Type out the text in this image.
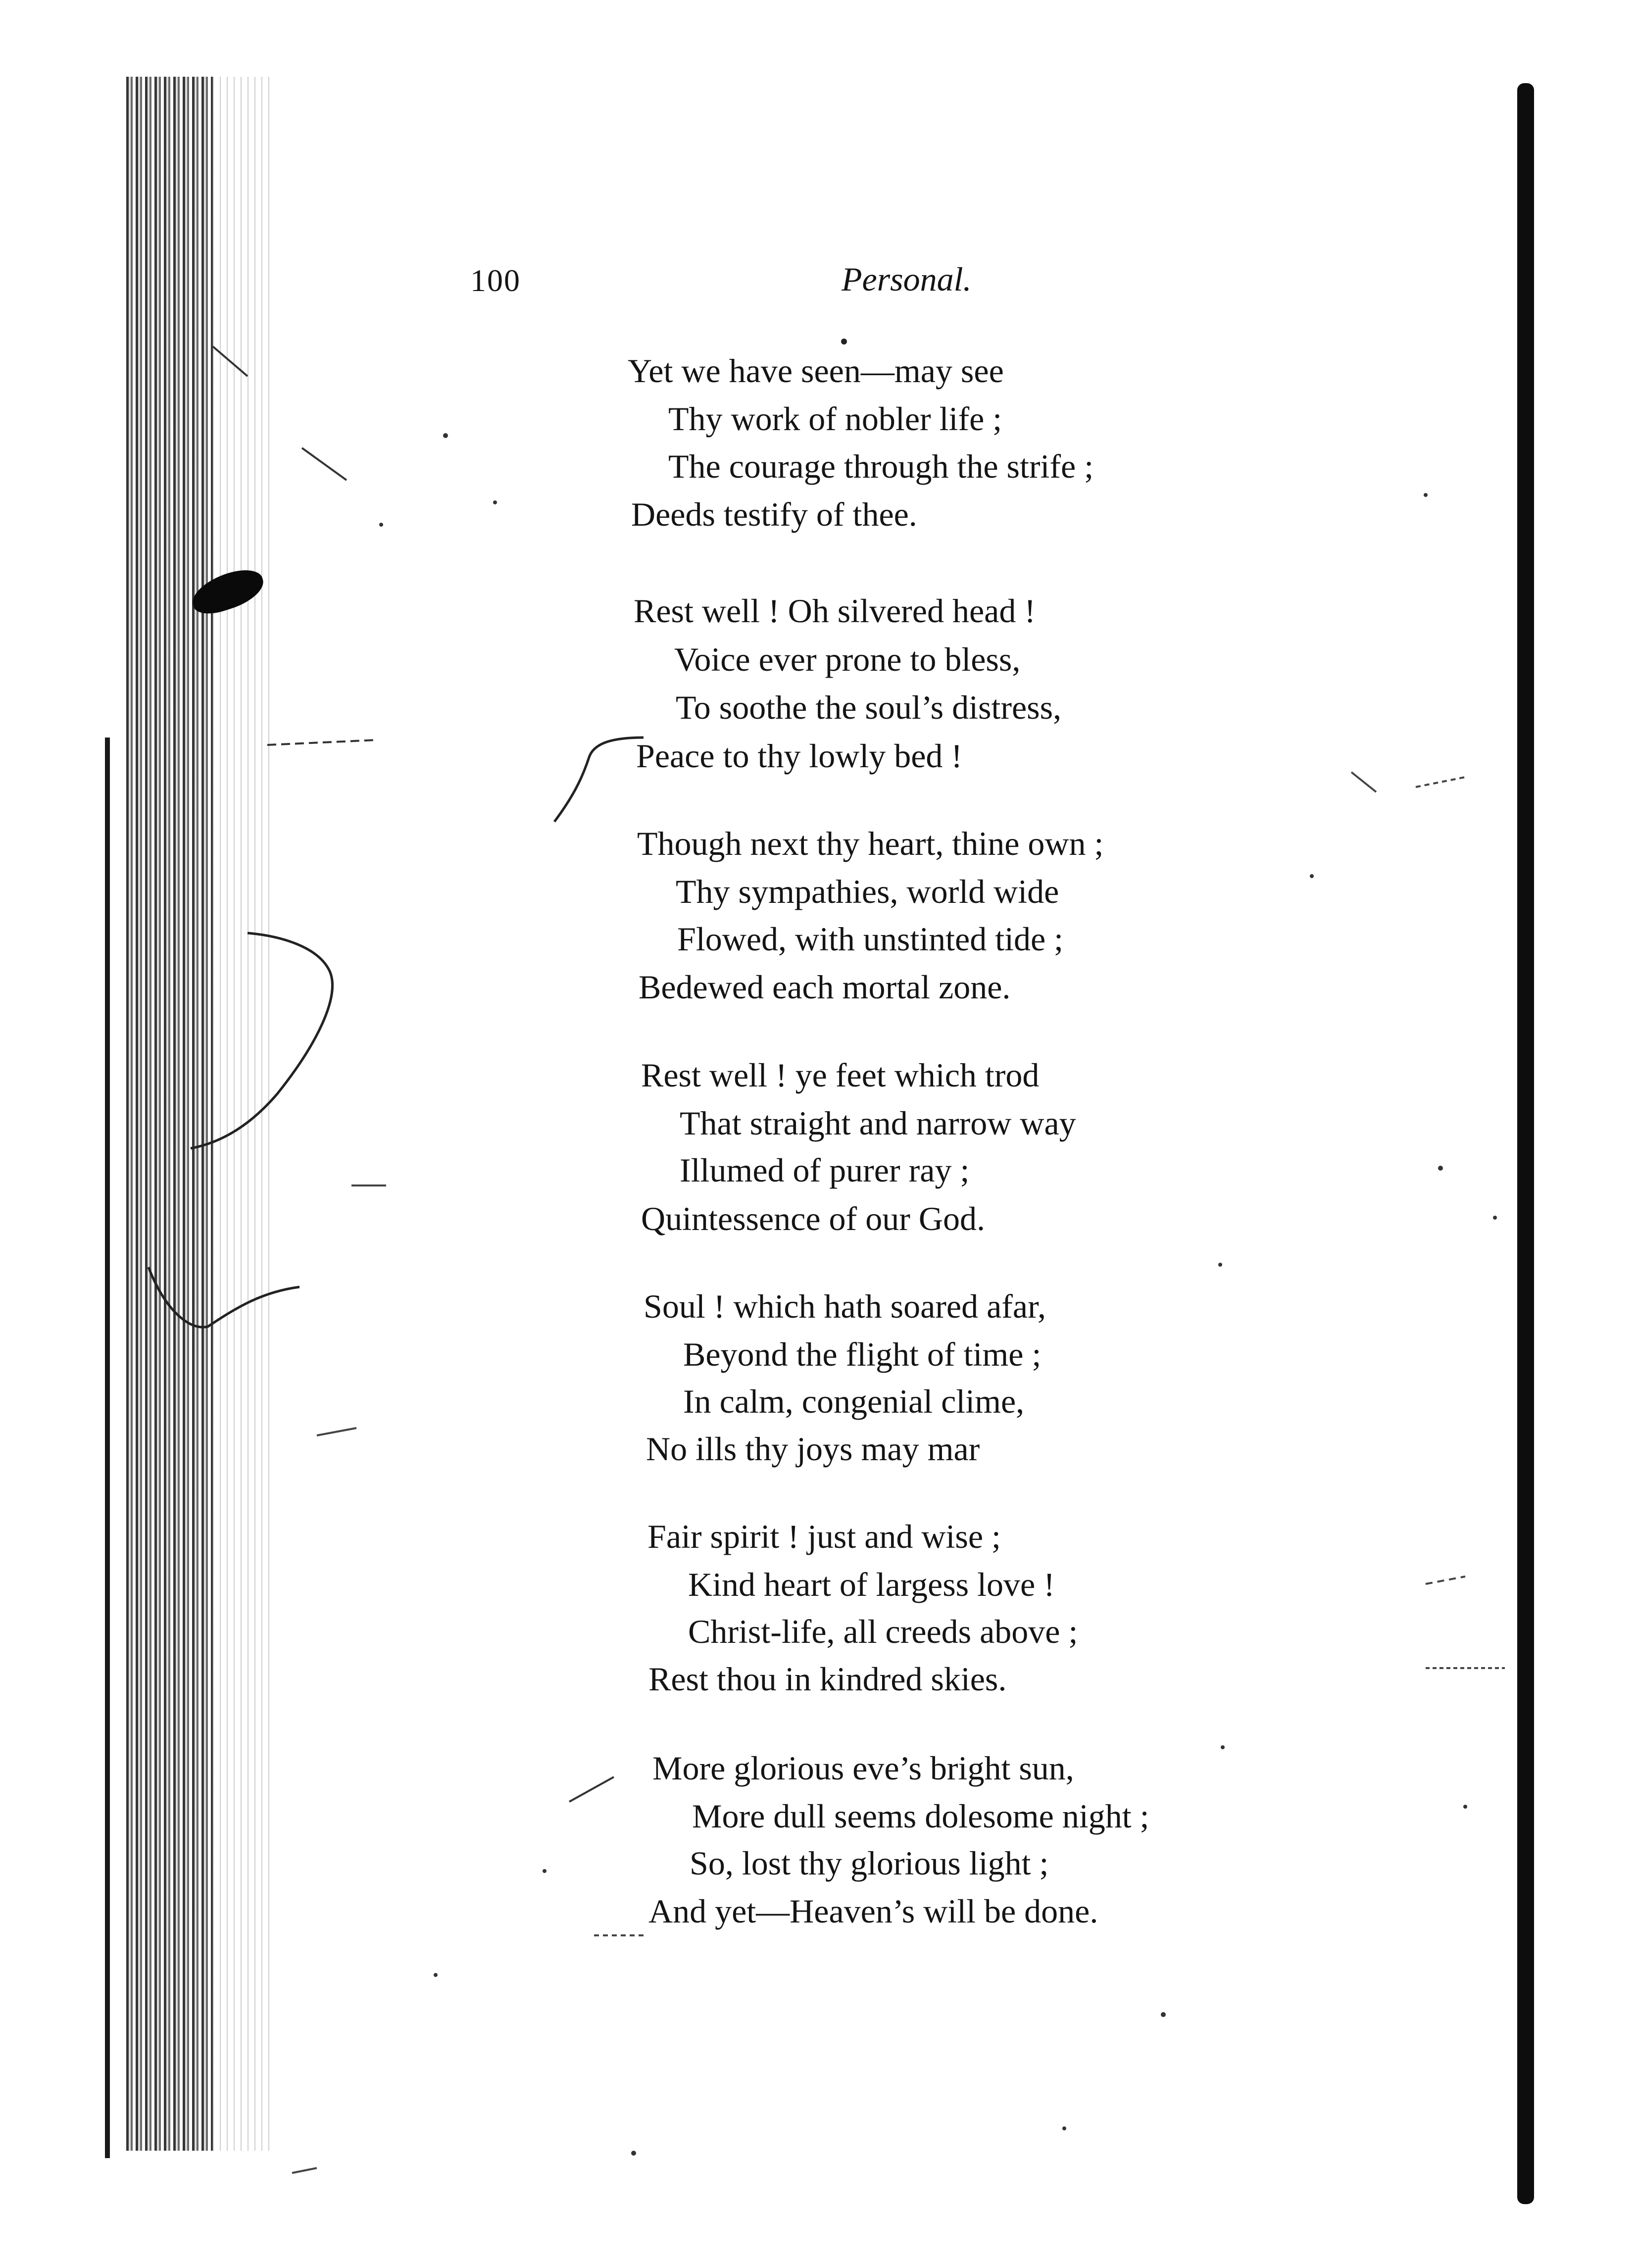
100	Personal.
Yet we have seen—may see
Thy work of nobler life ;
The courage through the strife ;
Deeds testify of thee.
Rest well ! Oh silvered head !
Voice ever prone to bless,
To soothe the soul’s distress,
Peace to thy lowly bed !
Though next thy heart, thine own ;
Thy sympathies, world wide
Flowed, with unstinted tide ;
Bedewed each mortal zone.
Rest well ! ye feet which trod
That straight and narrow way
Illumed of purer ray ;
Quintessence of our God.
Soul ! which hath soared afar,
Beyond the flight of time ;
In calm, congenial clime,
No ills thy joys may mar
Fair spirit ! just and wise ;
Kind heart of largess love !
Christ-life, all creeds above ;
Rest thou in kindred skies.
More glorious eve’s bright sun,
More dull seems dolesome night ;
So, lost thy glorious light ;
And yet—Heaven’s will be done.
